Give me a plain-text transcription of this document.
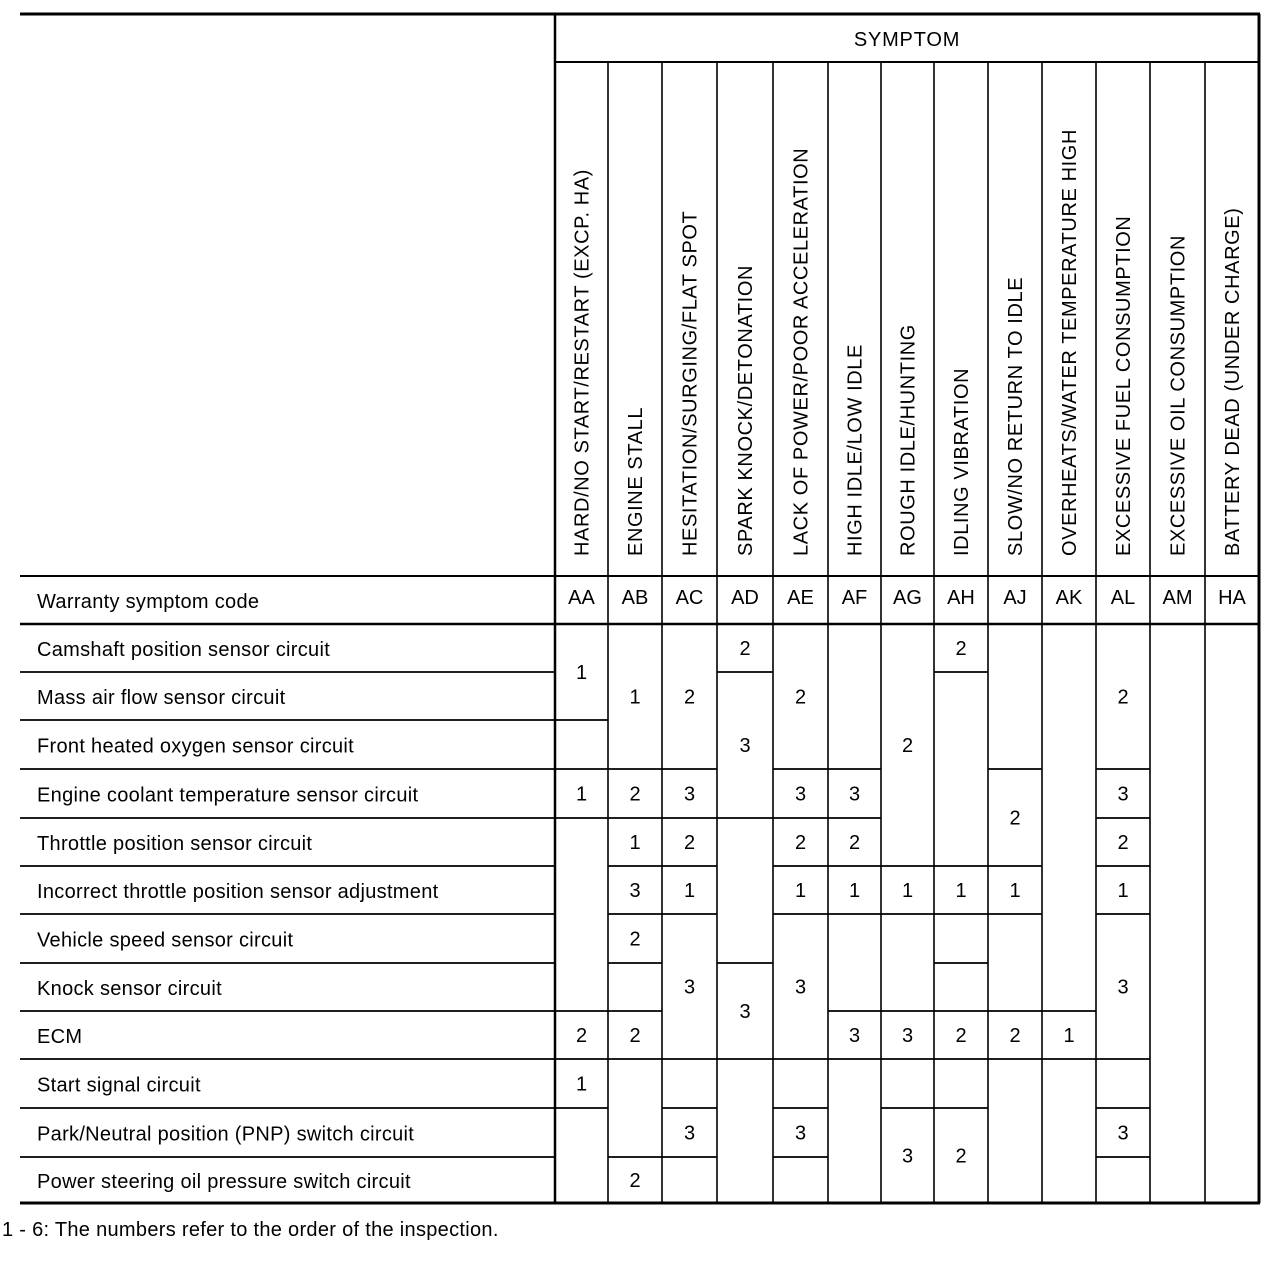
SYMPTOM
Warranty symptom code
HARD/NO START/RESTART (EXCP. HA) ENGINE STALL HESITATION/SURGING/FLAT SPOT SPARK KNOCK/DETONATION LACK OF POWER/POOR ACCELERATION HIGH IDLE/LOW IDLE ROUGH IDLE/HUNTING IDLING VIBRATION SLOW/NO RETURN TO IDLE OVERHEATS/WATER TEMPERATURE HIGH EXCESSIVE FUEL CONSUMPTION EXCESSIVE OIL CONSUMPTION BATTERY DEAD (UNDER CHARGE)
AA AB AC AD AE AF AG AH AJ AK AL AM HA
Camshaft position sensor circuit
Mass air flow sensor circuit
Front heated oxygen sensor circuit
Engine coolant temperature sensor circuit
Throttle position sensor circuit
Incorrect throttle position sensor adjustment
Vehicle speed sensor circuit
Knock sensor circuit
ECM
Start signal circuit
Park/Neutral position (PNP) switch circuit
Power steering oil pressure switch circuit
1
1
2
1
1
2
1
3
2
2
2
2
3
2
1
3
3
2
3
3
2
3
2
1
3
3
3
2
1
3
2
1
3
3
2
1
2
2
2
1
2 1
2
3
2
1
3
3
1 - 6: The numbers refer to the order of the inspection.
